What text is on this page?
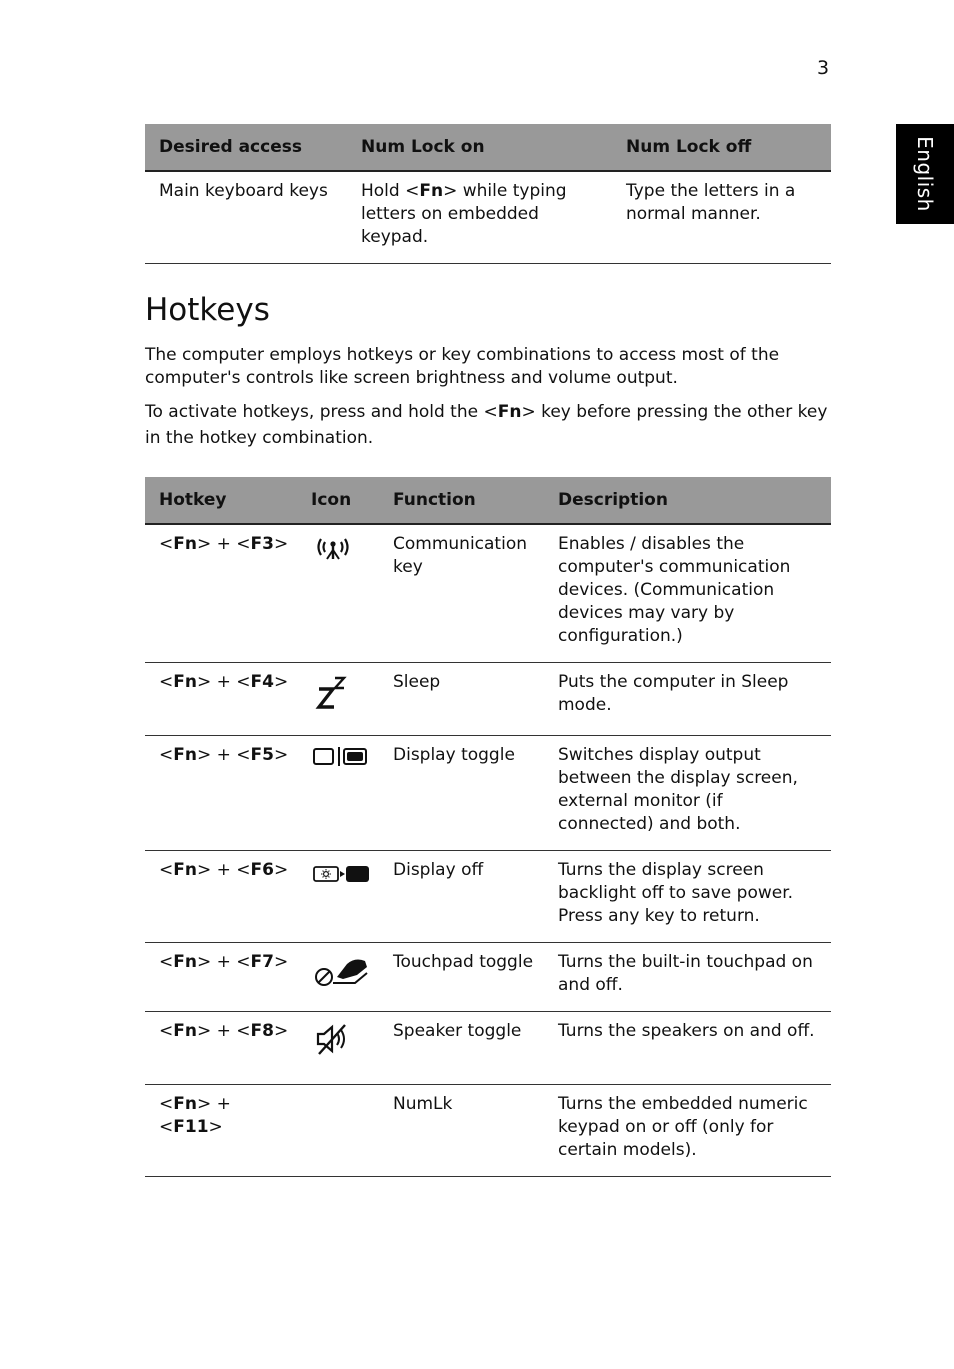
3
English
Desired access	Num Lock on	Num Lock off
Main keyboard keys	Hold <Fn> while typing letters on embedded keypad.	Type the letters in a normal manner.
Hotkeys

The computer employs hotkeys or key combinations to access most of the computer's controls like screen brightness and volume output.

To activate hotkeys, press and hold the <Fn> key before pressing the other key in the hotkey combination.

Hotkey	Icon	Function	Description
<Fn> + <F3>		Communication key	Enables / disables the computer's communication devices. (Communication devices may vary by configuration.)
<Fn> + <F4>		Sleep	Puts the computer in Sleep mode.
<Fn> + <F5>		Display toggle	Switches display output between the display screen, external monitor (if connected) and both.
<Fn> + <F6>		Display off	Turns the display screen backlight off to save power. Press any key to return.
<Fn> + <F7>		Touchpad toggle	Turns the built-in touchpad on and off.
<Fn> + <F8>		Speaker toggle	Turns the speakers on and off.
<Fn> + <F11>		NumLk	Turns the embedded numeric keypad on or off (only for certain models).
